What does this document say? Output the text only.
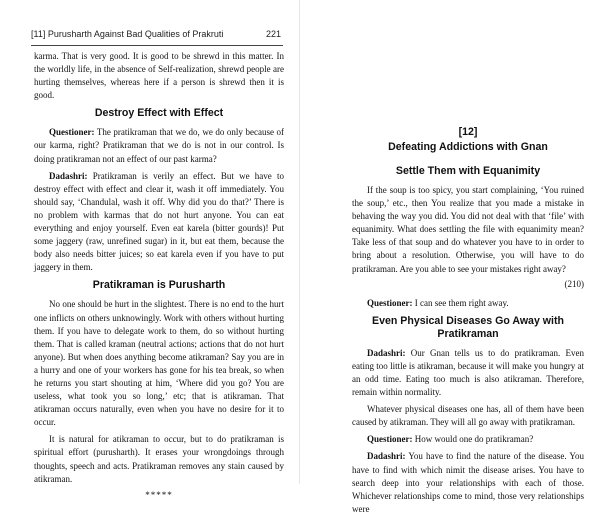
[11] Purusharth Against Bad Qualities of Prakruti	221

karma. That is very good. It is good to be shrewd in this matter. In the worldly life, in the absence of Self-realization, shrewd people are hurting themselves, whereas here if a person is shrewd then it is good.

Destroy Effect with Effect

Questioner: The pratikraman that we do, we do only because of our karma, right? Pratikraman that we do is not in our control. Is doing pratikraman not an effect of our past karma?

Dadashri: Pratikraman is verily an effect. But we have to destroy effect with effect and clear it, wash it off immediately. You should say, ‘Chandulal, wash it off. Why did you do that?’ There is no problem with karmas that do not hurt anyone. You can eat everything and enjoy yourself. Even eat karela (bitter gourds)! Put some jaggery (raw, unrefined sugar) in it, but eat them, because the body also needs bitter juices; so eat karela even if you have to put jaggery in them.

Pratikraman is Purusharth

No one should be hurt in the slightest. There is no end to the hurt one inflicts on others unknowingly. Work with others without hurting them. If you have to delegate work to them, do so without hurting them. That is called kraman (neutral actions; actions that do not hurt anyone). But when does anything become atikraman? Say you are in a hurry and one of your workers has gone for his tea break, so when he returns you start shouting at him, ‘Where did you go? You are useless, what took you so long,’ etc; that is atikraman. That atikraman occurs naturally, even when you have no desire for it to occur.

It is natural for atikraman to occur, but to do pratikraman is spiritual effort (purusharth). It erases your wrongdoings through thoughts, speech and acts. Pratikraman removes any stain caused by atikraman.

*****
[12]
Defeating Addictions with Gnan
Settle Them with Equanimity

If the soup is too spicy, you start complaining, ‘You ruined the soup,’ etc., then You realize that you made a mistake in behaving the way you did. You did not deal with that ‘file’ with equanimity. What does settling the file with equanimity mean? Take less of that soup and do whatever you have to in order to bring about a resolution. Otherwise, you will have to do pratikraman. Are you able to see your mistakes right away?

(210)

Questioner: I can see them right away.

Even Physical Diseases Go Away with Pratikraman

Dadashri: Our Gnan tells us to do pratikraman. Even eating too little is atikraman, because it will make you hungry at an odd time. Eating too much is also atikraman. Therefore, remain within normality.

Whatever physical diseases one has, all of them have been caused by atikraman. They will all go away with pratikraman.

Questioner: How would one do pratikraman?

Dadashri: You have to find the nature of the disease. You have to find with which nimit the disease arises. You have to search deep into your relationships with each of those. Whichever relationships come to mind, those very relationships were
